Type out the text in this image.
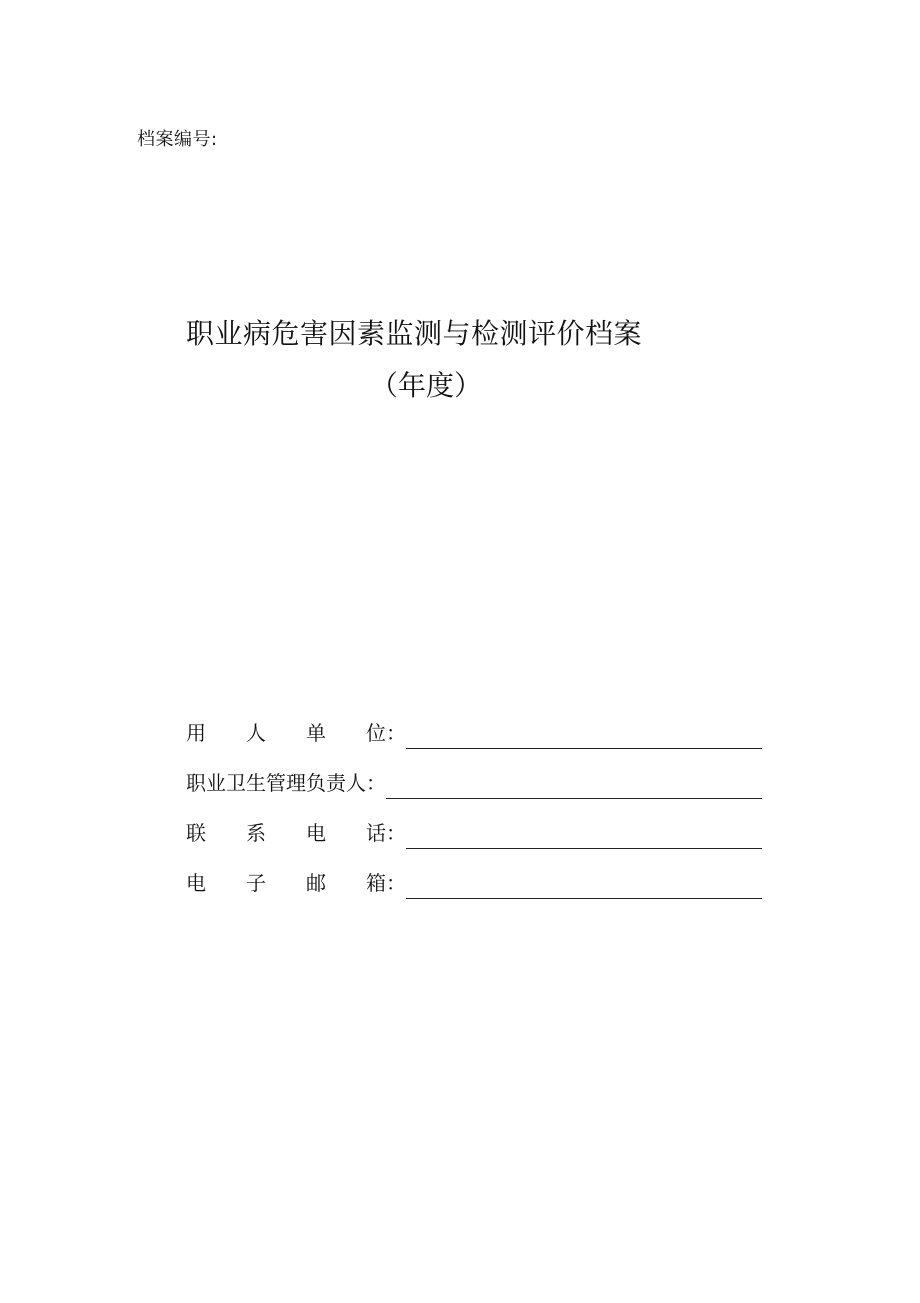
档案编号:
职业病危害因素监测与检测评价档案
（年度）
用 人 单 位：
职业卫生管理负责人：
联 系 电 话：
电 子 邮 箱：
